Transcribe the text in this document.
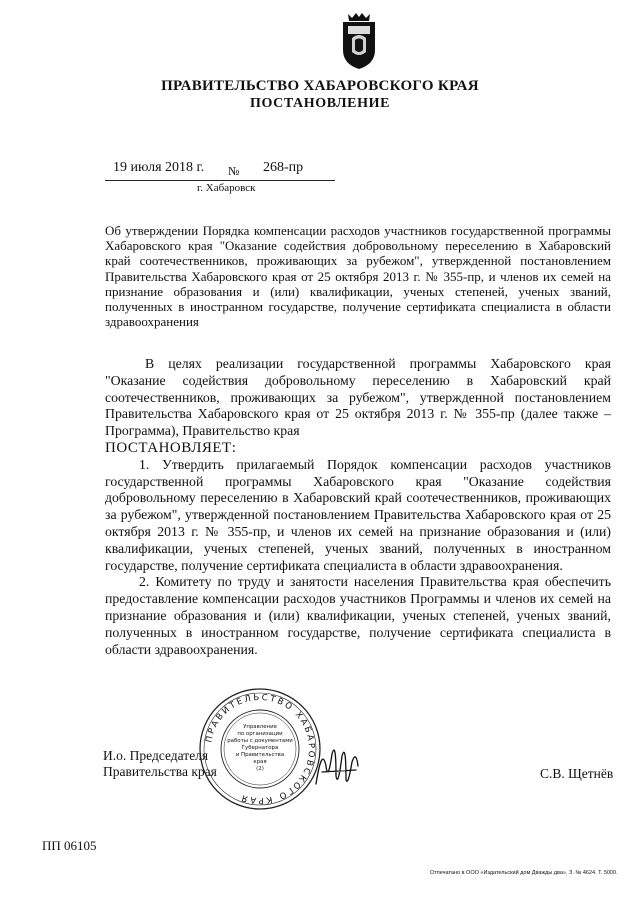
ПРАВИТЕЛЬСТВО ХАБАРОВСКОГО КРАЯ
ПОСТАНОВЛЕНИЕ
19 июля 2018 г. № 268-пр
г. Хабаровск
Об утверждении Порядка компенсации расходов участников государственной программы Хабаровского края "Оказание содействия добровольному переселению в Хабаровский край соотечественников, проживающих за рубежом", утвержденной постановлением Правительства Хабаровского края от 25 октября 2013 г. № 355-пр, и членов их семей на признание образования и (или) квалификации, ученых степеней, ученых званий, полученных в иностранном государстве, получение сертификата специалиста в области здравоохранения

В целях реализации государственной программы Хабаровского края "Оказание содействия добровольному переселению в Хабаровский край соотечественников, проживающих за рубежом", утвержденной постановлением Правительства Хабаровского края от 25 октября 2013 г. № 355-пр (далее также – Программа), Правительство края

ПОСТАНОВЛЯЕТ:

1. Утвердить прилагаемый Порядок компенсации расходов участников государственной программы Хабаровского края "Оказание содействия добровольному переселению в Хабаровский край соотечественников, проживающих за рубежом", утвержденной постановлением Правительства Хабаровского края от 25 октября 2013 г. № 355-пр, и членов их семей на признание образования и (или) квалификации, ученых степеней, ученых званий, полученных в иностранном государстве, получение сертификата специалиста в области здравоохранения.

2. Комитету по труду и занятости населения Правительства края обеспечить предоставление компенсации расходов участников Программы и членов их семей на признание образования и (или) квалификации, ученых степеней, ученых званий, полученных в иностранном государстве, получение сертификата специалиста в области здравоохранения.

И.о. Председателя
Правительства края	С.В. Щетнёв
ПРАВИТЕЛЬСТВО ХАБАРОВСКОГО КРАЯ
Управление
по организации
работы с документами
Губернатора
и Правительства
края
(2)
ПП 06105
Отпечатано в ООО «Издательский дом Дважды два». З. № 4624. Т. 5000.
